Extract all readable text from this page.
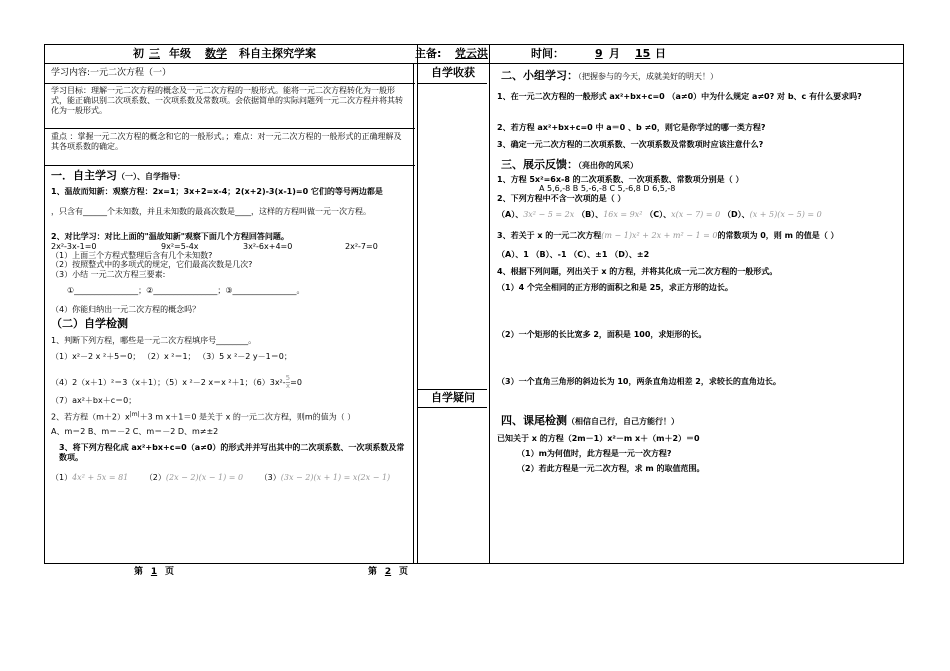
初 三 年级 数学 科自主探究学案	主备: 党云洪	时间：	9 月 15 日
学习内容:一元二次方程（一）
学习目标：理解一元二次方程的概念及一元二次方程的一般形式。能将一元二次方程转化为一般形式，能正确识别二次项系数、一次项系数及常数项。会依据简单的实际问题列一元二次方程并将其转化为一般形式。
重点 ：掌握一元二次方程的概念和它的一般形式。；难点：对一元二次方程的一般形式的正确理解及其各项系数的确定。
一．自主学习（一）、自学指导：
1、温故而知新：观察方程：2x=1；3x+2=x-4；2(x+2)-3(x-1)=0 它们的等号两边都是
，只含有______个未知数，并且未知数的最高次数是____，这样的方程叫做一元一次方程。
2、对比学习：对比上面的"温故知新"观察下面几个方程回答问题。
2x²-3x-1=0	9x²=5-4x	3x²-6x+4=0	2x²-7=0
（1）上面三个方程式整理后含有几个未知数?
（2）按照整式中的多项式的规定，它们最高次数是几次?
（3）小结 一元二次方程三要素:
①________________；②________________；③________________。
（4）你能归纳出一元二次方程的概念吗？
（二）自学检测
1、判断下列方程，哪些是一元二次方程填序号________。
（1）x²－2 x ²＋5＝0； （2）x ²＝1； （3）5 x ²－2 y－1＝0；
（4）2（x＋1）²＝3（x＋1）；（5）x ²－2 x＝x ²＋1；$(6)3x^2- \frac{5}{x} =0$
（7）ax²＋bx＋c＝0；
2、若方程$(m+2)x^{|m|}+3$ m x＋1＝0 是关于 x 的一元二次方程，则m的值为（ ）
A、m＝2 B、m＝－2 C、m＝－2 D、m≠±2
3、将下列方程化成 ax²+bx+c=0（a≠0）的形式并并写出其中的二次项系数、一次项系数及常数项。
（1）4x² + 5x = 81 （2）(2x − 2)(x − 1) = 0 （3）(3x − 2)(x + 1) = x(2x − 1)
自学收获
自学疑问
二、小组学习：（把握参与的今天，成就美好的明天！）
1、在一元二次方程的一般形式 ax²+bx+c=0 （a≠0）中为什么规定 a≠0? 对 b、c 有什么要求吗?
2、若方程 ax²+bx+c=0 中 a＝0 、b ≠0，则它是你学过的哪一类方程?
3、确定一元二次方程的二次项系数、一次项系数及常数项时应该注意什么?
三、展示反馈：（亮出你的风采）
1、方程 5x²=6x-8 的二次项系数、一次项系数、常数项分别是（ ）
A 5,6,-8 B 5,-6,-8 C 5,-6,8 D 6,5,-8
2、下列方程中不含一次项的是（ ）
（A）、3x² − 5 = 2x （B）、16x = 9x² （C）、x(x − 7) = 0 （D）、(x + 5)(x − 5) = 0
3、若关于 x 的一元二次方程(m − 1)x² + 2x + m² − 1 = 0的常数项为 0，则 m 的值是（ ）
（A）、1 （B）、-1 （C）、±1 （D）、±2
4、根据下列问题，列出关于 x 的方程，并将其化成一元二次方程的一般形式。
（1）4 个完全相同的正方形的面积之和是 25，求正方形的边长。
（2）一个矩形的长比宽多 2，面积是 100，求矩形的长。
（3）一个直角三角形的斜边长为 10，两条直角边相差 2，求较长的直角边长。
四、课尾检测（相信自己行，自己方能行！）
已知关于 x 的方程（2m－1）x²－m x＋（m＋2）＝0
（1）m为何值时，此方程是一元一次方程?
（2）若此方程是一元二次方程，求 m 的取值范围。
第 1 页	第 2 页
